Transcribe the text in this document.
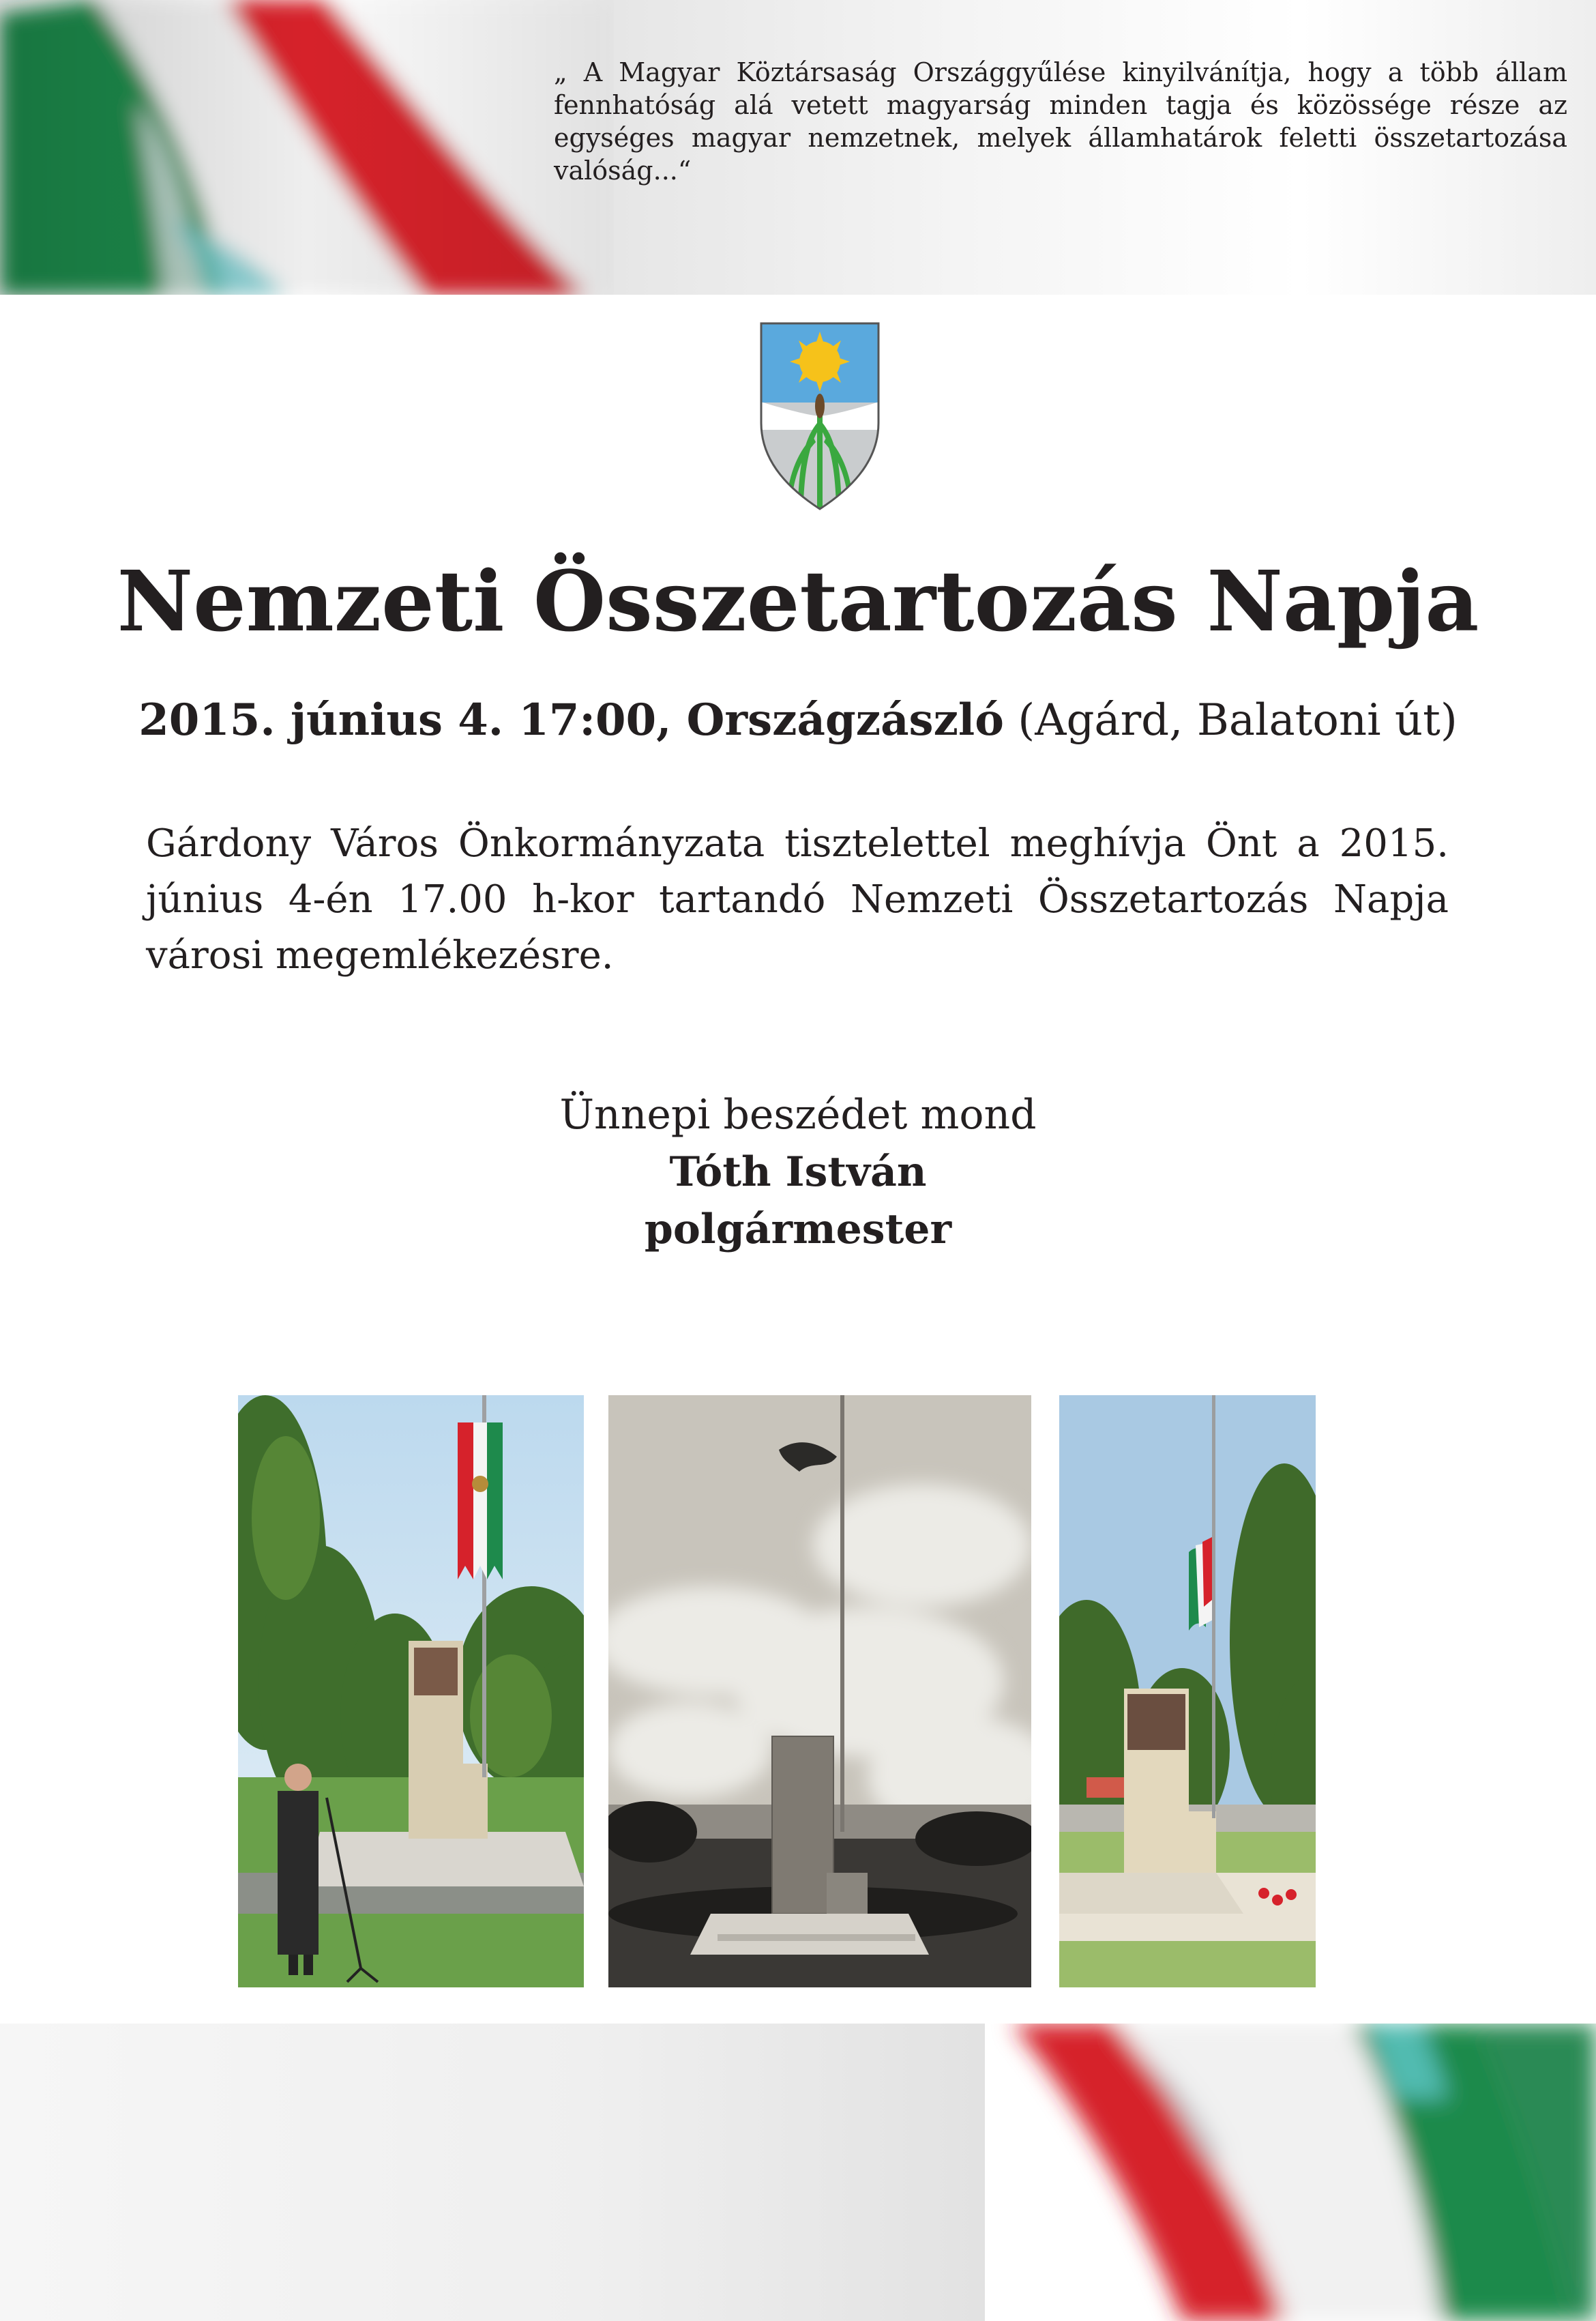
„ A Magyar Köztársaság Országgyűlése kinyilvánítja, hogy a több állam fennhatóság alá vetett magyarság minden tagja és közössége része az egységes magyar nemzetnek, melyek államhatárok feletti összetartozása valóság...“

Nemzeti Összetartozás Napja

2015. június 4. 17:00, Országzászló (Agárd, Balatoni út)

Gárdony Város Önkormányzata tisztelettel meghívja Önt a 2015. június 4-én 17.00 h-kor tartandó Nemzeti Összetartozás Napja városi megemlékezésre.

Ünnepi beszédet mond
Tóth István
polgármester
